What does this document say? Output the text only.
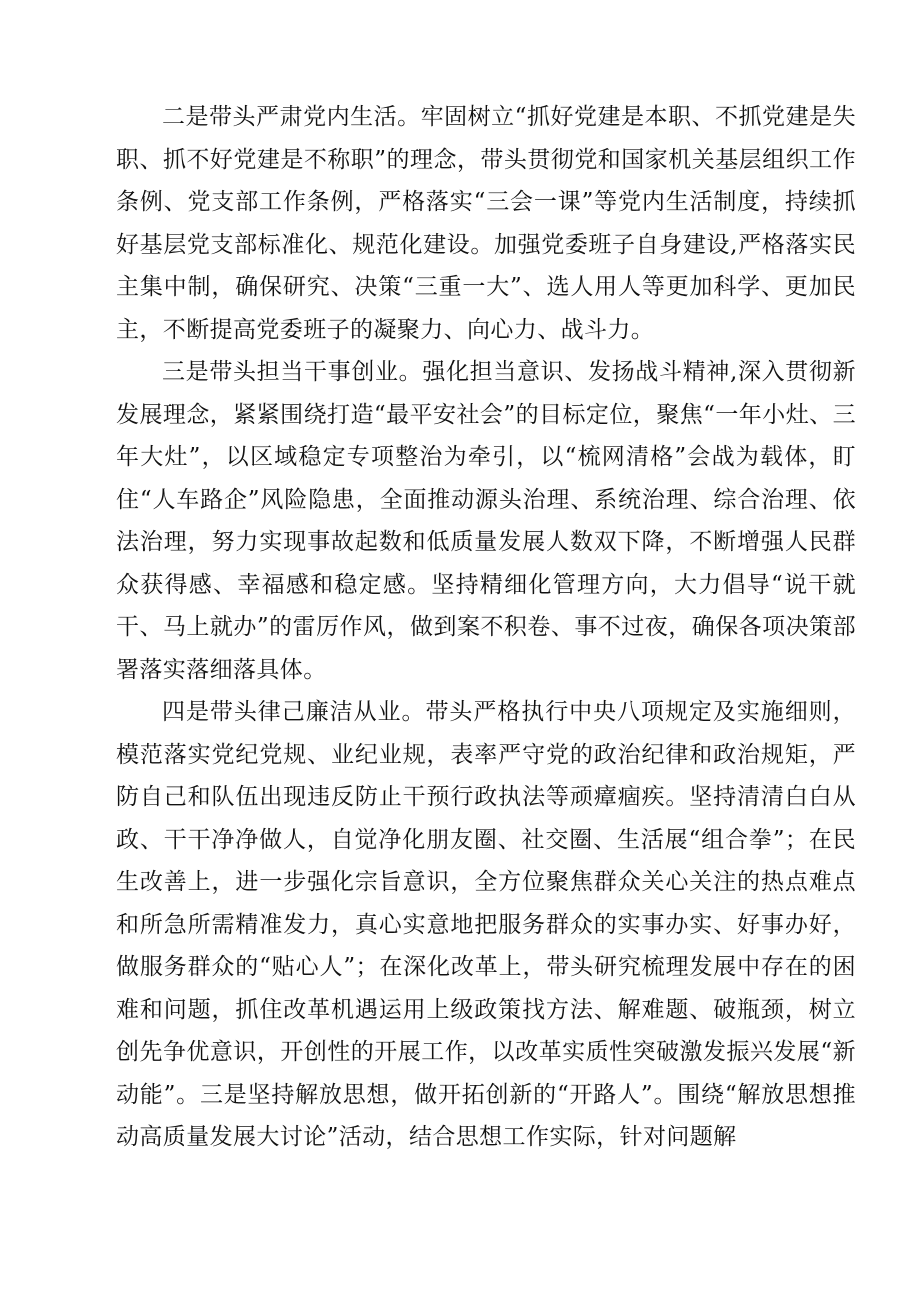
二是带头严肃党内生活。牢固树立“抓好党建是本职、不抓党建是失职、抓不好党建是不称职”的理念，带头贯彻党和国家机关基层组织工作条例、党支部工作条例，严格落实“三会一课”等党内生活制度，持续抓好基层党支部标准化、规范化建设。加强党委班子自身建设,严格落实民主集中制，确保研究、决策“三重一大”、选人用人等更加科学、更加民主，不断提高党委班子的凝聚力、向心力、战斗力。

三是带头担当干事创业。强化担当意识、发扬战斗精神,深入贯彻新发展理念，紧紧围绕打造“最平安社会”的目标定位，聚焦“一年小灶、三年大灶”，以区域稳定专项整治为牵引，以“梳网清格”会战为载体，盯住“人车路企”风险隐患，全面推动源头治理、系统治理、综合治理、依法治理，努力实现事故起数和低质量发展人数双下降，不断增强人民群众获得感、幸福感和稳定感。坚持精细化管理方向，大力倡导“说干就干、马上就办”的雷厉作风，做到案不积卷、事不过夜，确保各项决策部署落实落细落具体。

四是带头律己廉洁从业。带头严格执行中央八项规定及实施细则，模范落实党纪党规、业纪业规，表率严守党的政治纪律和政治规矩，严防自己和队伍出现违反防止干预行政执法等顽瘴痼疾。坚持清清白白从政、干干净净做人，自觉净化朋友圈、社交圈、生活展“组合拳”；在民生改善上，进一步强化宗旨意识，全方位聚焦群众关心关注的热点难点和所急所需精准发力，真心实意地把服务群众的实事办实、好事办好，做服务群众的“贴心人”；在深化改革上，带头研究梳理发展中存在的困难和问题，抓住改革机遇运用上级政策找方法、解难题、破瓶颈，树立创先争优意识，开创性的开展工作，以改革实质性突破激发振兴发展“新动能”。三是坚持解放思想，做开拓创新的“开路人”。围绕“解放思想推动高质量发展大讨论”活动，结合思想工作实际，针对问题解
